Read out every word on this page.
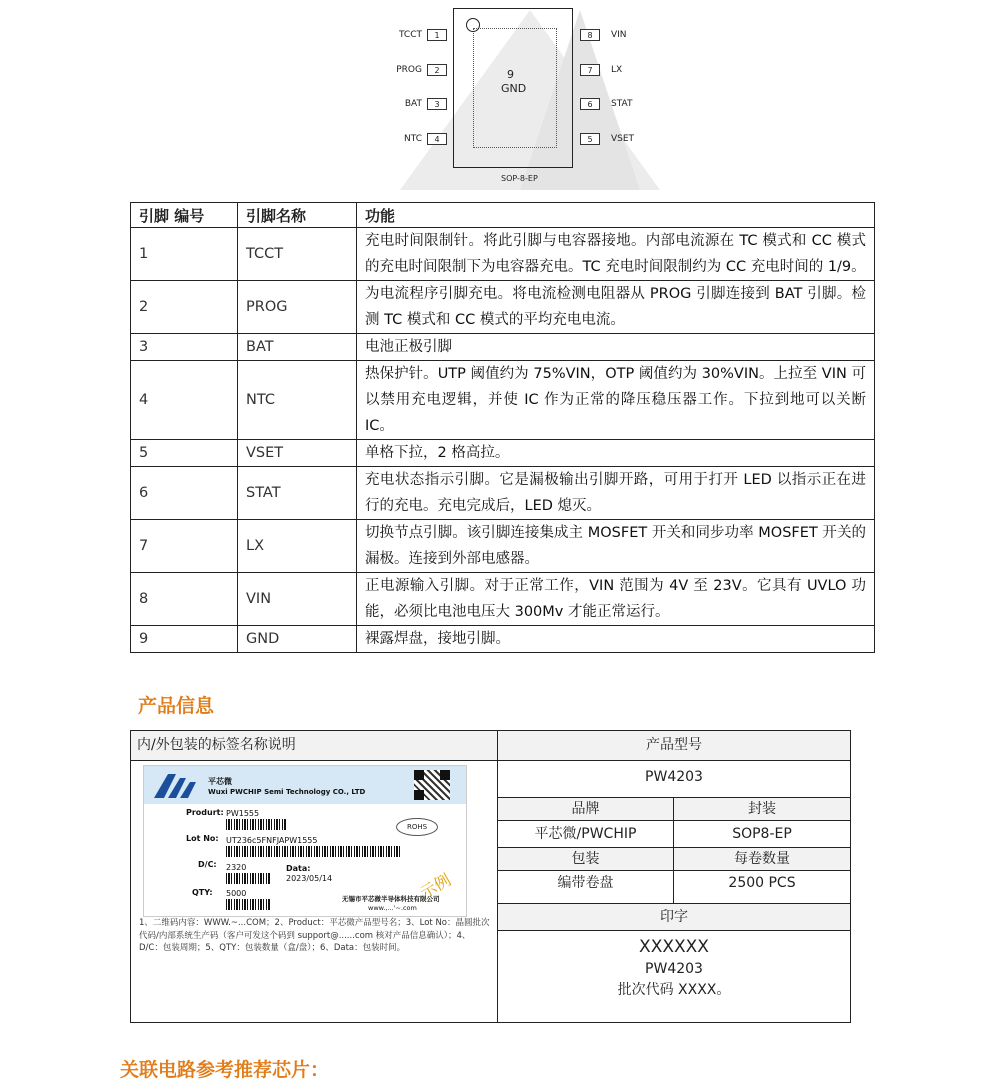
9
GND
TCCT	1
PROG	2
BAT	3
NTC	4
8	VIN
7	LX
6	STAT
5	VSET
SOP-8-EP
引脚 编号	引脚名称	功能
1	TCCT	充电时间限制针。将此引脚与电容器接地。内部电流源在 TC 模式和 CC 模式的充电时间限制下为电容器充电。TC 充电时间限制约为 CC 充电时间的 1/9。
2	PROG	为电流程序引脚充电。将电流检测电阻器从 PROG 引脚连接到 BAT 引脚。检测 TC 模式和 CC 模式的平均充电电流。
3	BAT	电池正极引脚
4	NTC	热保护针。UTP 阈值约为 75%VIN，OTP 阈值约为 30%VIN。上拉至 VIN 可以禁用充电逻辑，并使 IC 作为正常的降压稳压器工作。下拉到地可以关断 IC。
5	VSET	单格下拉，2 格高拉。
6	STAT	充电状态指示引脚。它是漏极输出引脚开路，可用于打开 LED 以指示正在进行的充电。充电完成后，LED 熄灭。
7	LX	切换节点引脚。该引脚连接集成主 MOSFET 开关和同步功率 MOSFET 开关的漏极。连接到外部电感器。
8	VIN	正电源输入引脚。对于正常工作，VIN 范围为 4V 至 23V。它具有 UVLO 功能，必须比电池电压大 300Mv 才能正常运行。
9	GND	裸露焊盘，接地引脚。
产品信息
内/外包装的标签名称说明
平芯微
Wuxi PWCHIP Semi Technology CO., LTD
Produrt: PW1555
Lot No: UT236c5FNFJAPW1555
D/C: 2320	Data:
2023/05/14
QTY: 5000
ROHS
示例
无锡市平芯微半导体科技有限公司
www.,...'~.com
1、二维码内容：WWW.~...COM；2、Product：平芯微产品型号名；3、Lot No：晶圆批次代码/内部系统生产码（客户可发这个码到 support@......com 核对产品信息确认）；4、D/C：包装周期；5、QTY：包装数量（盒/盘）；6、Data：包装时间。
产品型号
PW4203
品牌	封装
平芯微/PWCHIP	SOP8-EP
包装	每卷数量
编带卷盘	2500 PCS
印字
XXXXXX
PW4203
批次代码 XXXX。
关联电路参考推荐芯片：
